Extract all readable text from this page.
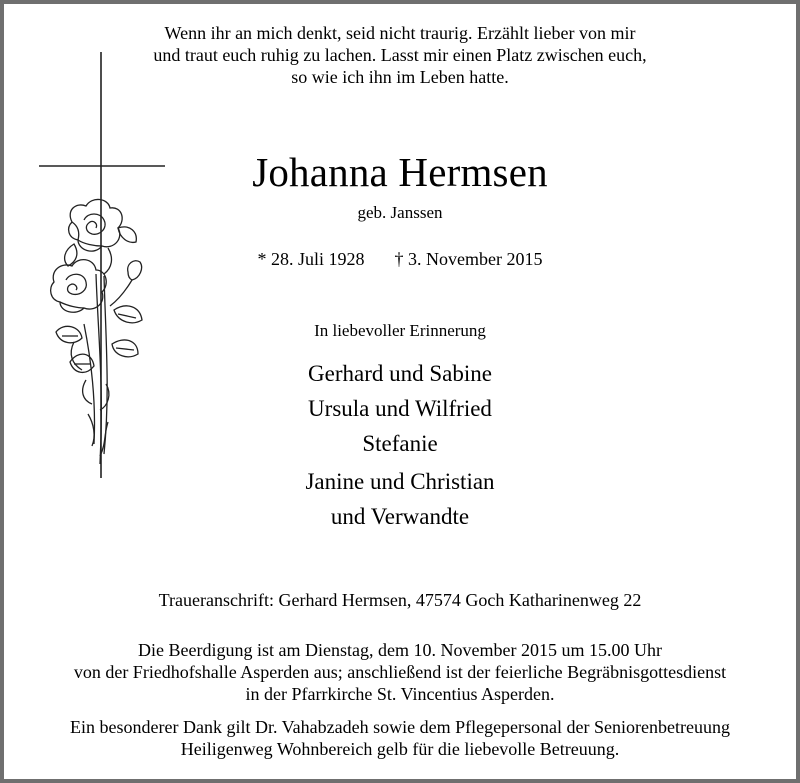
Wenn ihr an mich denkt, seid nicht traurig. Erzählt lieber von mir
und traut euch ruhig zu lachen. Lasst mir einen Platz zwischen euch,
so wie ich ihn im Leben hatte.
Johanna Hermsen
geb. Janssen
* 28. Juli 1928 † 3. November 2015
In liebevoller Erinnerung
Gerhard und Sabine
Ursula und Wilfried
Stefanie
Janine und Christian
und Verwandte
Traueranschrift: Gerhard Hermsen, 47574 Goch Katharinenweg 22
Die Beerdigung ist am Dienstag, dem 10. November 2015 um 15.00 Uhr
von der Friedhofshalle Asperden aus; anschließend ist der feierliche Begräbnisgottesdienst
in der Pfarrkirche St. Vincentius Asperden.
Ein besonderer Dank gilt Dr. Vahabzadeh sowie dem Pflegepersonal der Seniorenbetreuung
Heiligenweg Wohnbereich gelb für die liebevolle Betreuung.
